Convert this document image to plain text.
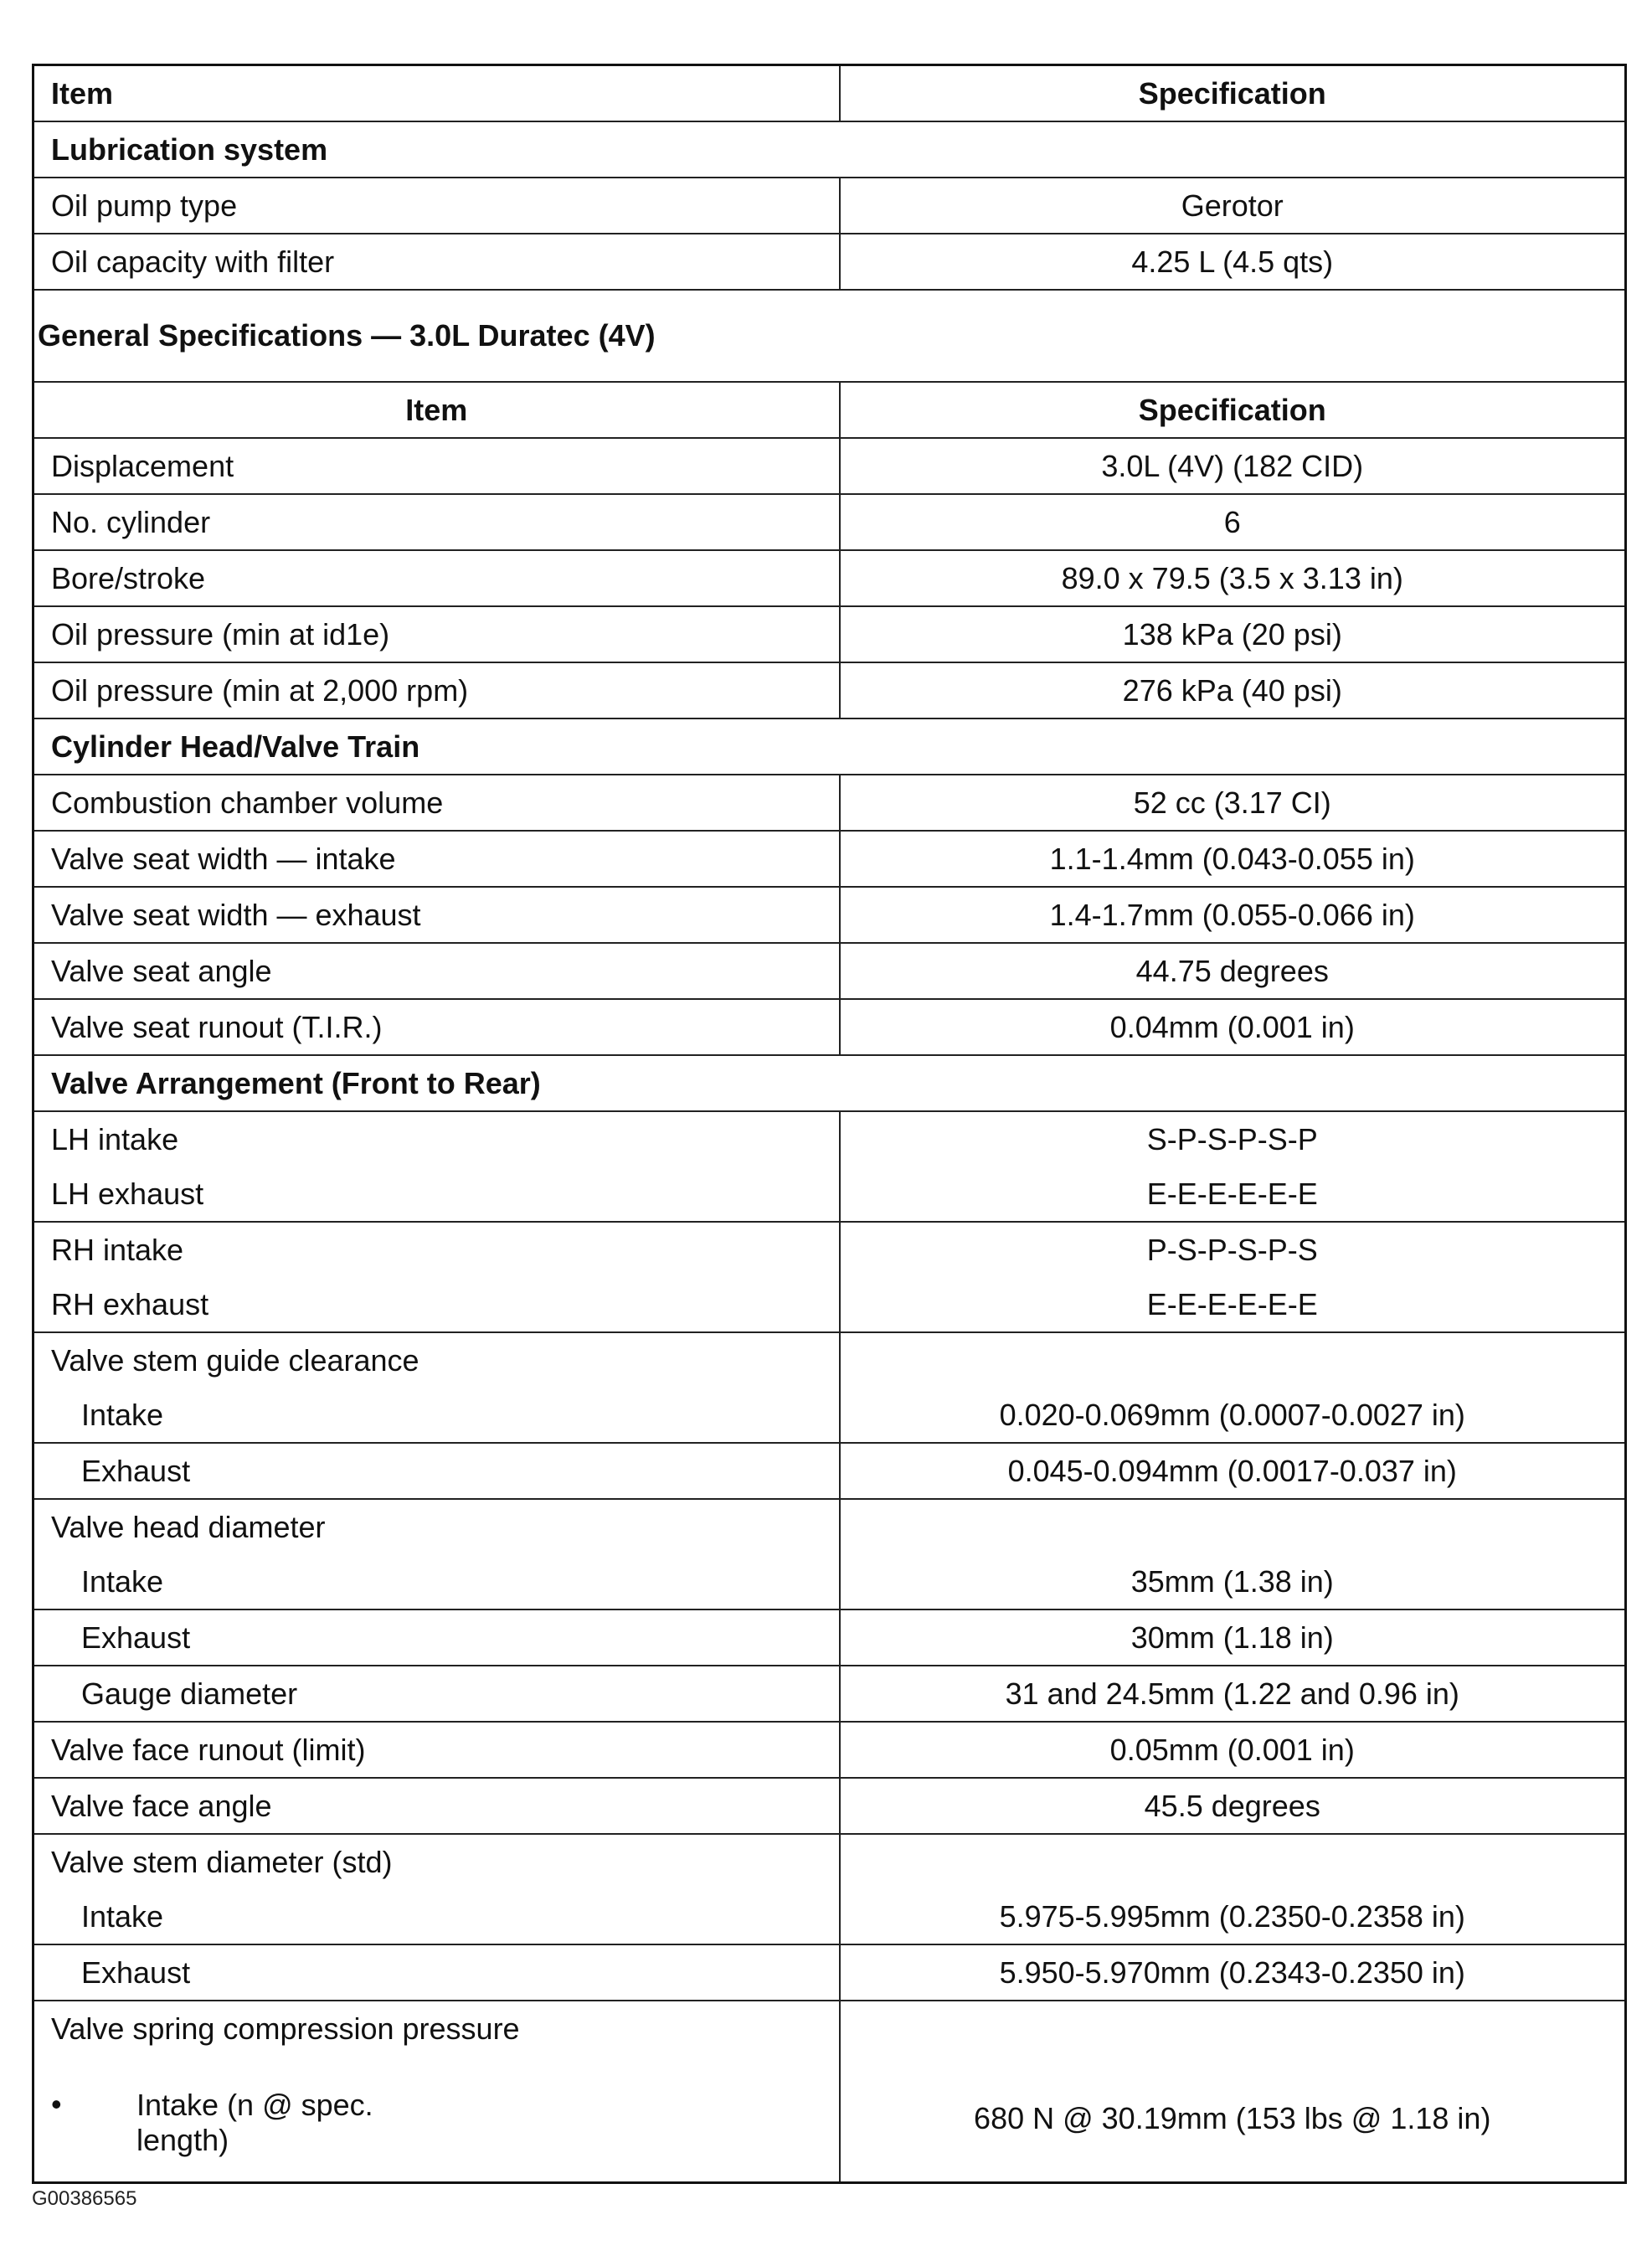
Item	Specification
Lubrication system	
Oil pump type	Gerotor
Oil capacity with filter	4.25 L (4.5 qts)
General Specifications — 3.0L Duratec (4V)	
Item	Specification
Displacement	3.0L (4V) (182 CID)
No. cylinder	6
Bore/stroke	89.0 x 79.5 (3.5 x 3.13 in)
Oil pressure (min at id1e)	138 kPa (20 psi)
Oil pressure (min at 2,000 rpm)	276 kPa (40 psi)
Cylinder Head/Valve Train	
Combustion chamber volume	52 cc (3.17 CI)
Valve seat width — intake	1.1-1.4mm (0.043-0.055 in)
Valve seat width — exhaust	1.4-1.7mm (0.055-0.066 in)
Valve seat angle	44.75 degrees
Valve seat runout (T.I.R.)	0.04mm (0.001 in)
Valve Arrangement (Front to Rear)	
LH intake	S-P-S-P-S-P
LH exhaust	E-E-E-E-E-E
RH intake	P-S-P-S-P-S
RH exhaust	E-E-E-E-E-E
Valve stem guide clearance	
Intake	0.020-0.069mm (0.0007-0.0027 in)
Exhaust	0.045-0.094mm (0.0017-0.037 in)
Valve head diameter	
Intake	35mm (1.38 in)
Exhaust	30mm (1.18 in)
Gauge diameter	31 and 24.5mm (1.22 and 0.96 in)
Valve face runout (limit)	0.05mm (0.001 in)
Valve face angle	45.5 degrees
Valve stem diameter (std)	
Intake	5.975-5.995mm (0.2350-0.2358 in)
Exhaust	5.950-5.970mm (0.2343-0.2350 in)
Valve spring compression pressure	

• Intake (n @ spec. length)	680 N @ 30.19mm (153 lbs @ 1.18 in)
G00386565
